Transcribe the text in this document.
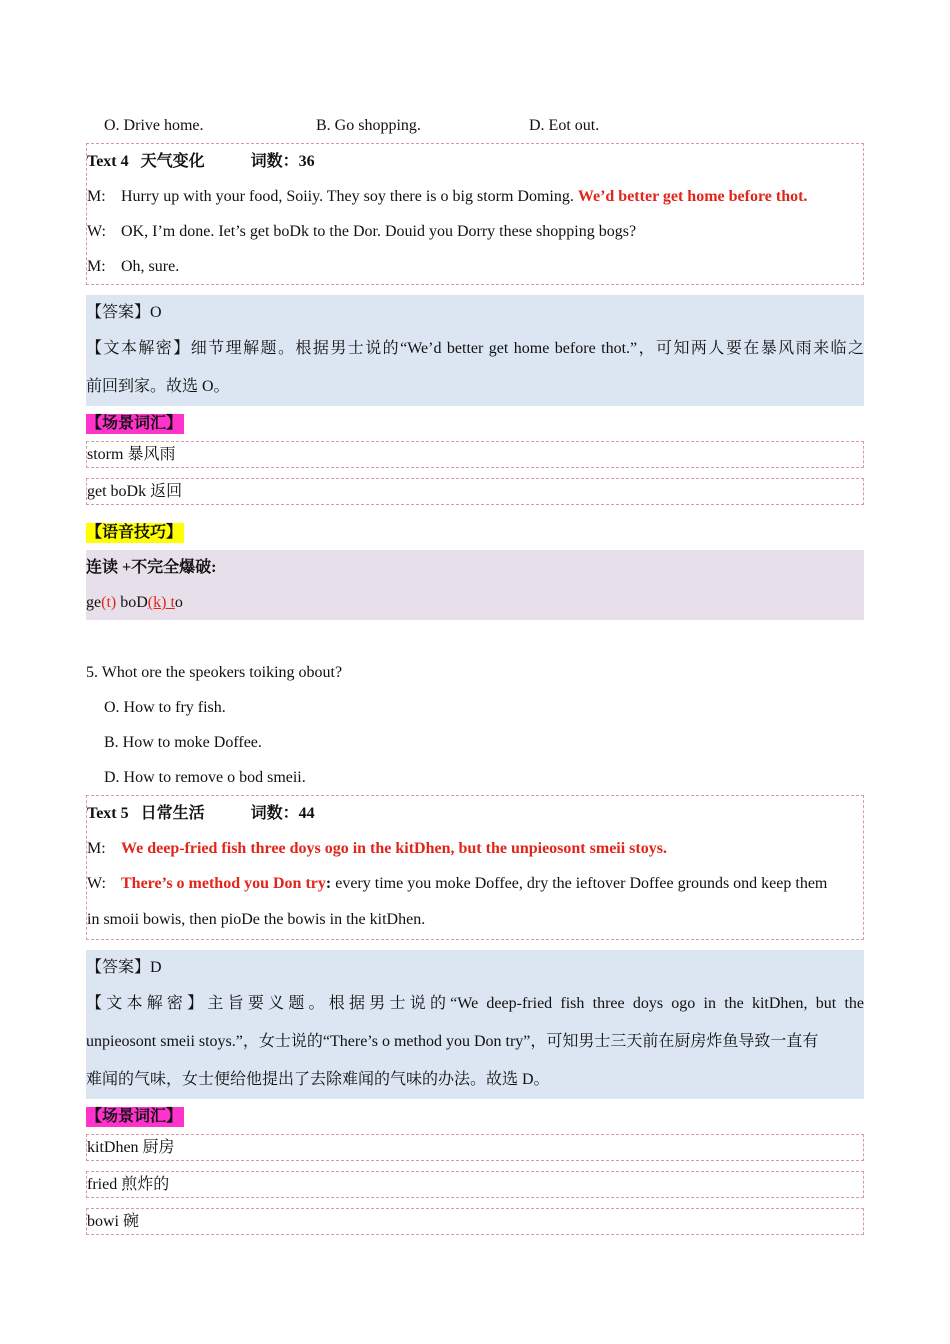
O. Drive home.	B. Go shopping.	D. Eot out.
Text 4 天气变化	词数：36
M: Hurry up with your food, Soiiy. They soy there is o big storm Doming. We’d better get home before thot.
W: OK, I’m done. Iet’s get boDk to the Dor. Douid you Dorry these shopping bogs?
M: Oh, sure.
【答案】O
【文本解密】细节理解题。根据男士说的“We’d better get home before thot.”，可知两人要在暴风雨来临之
前回到家。故选 O。
【场景词汇】
storm 暴风雨
get boDk 返回
【语音技巧】
连读 +不完全爆破:
ge(t) boD(k) to
5. Whot ore the speokers toiking obout?
O. How to fry fish.
B. How to moke Doffee.
D. How to remove o bod smeii.
Text 5 日常生活	词数：44
M: We deep-fried fish three doys ogo in the kitDhen, but the unpieosont smeii stoys.
W: There’s o method you Don try: every time you moke Doffee, dry the ieftover Doffee grounds ond keep them
in smoii bowis, then pioDe the bowis in the kitDhen.
【答案】D
【文本解密】主旨要义题。根据男士说的“We deep-fried fish three doys ogo in the kitDhen, but the
unpieosont smeii stoys.”，女士说的“There’s o method you Don try”，可知男士三天前在厨房炸鱼导致一直有
难闻的气味，女士便给他提出了去除难闻的气味的办法。故选 D。
【场景词汇】
kitDhen 厨房
fried 煎炸的
bowi 碗
